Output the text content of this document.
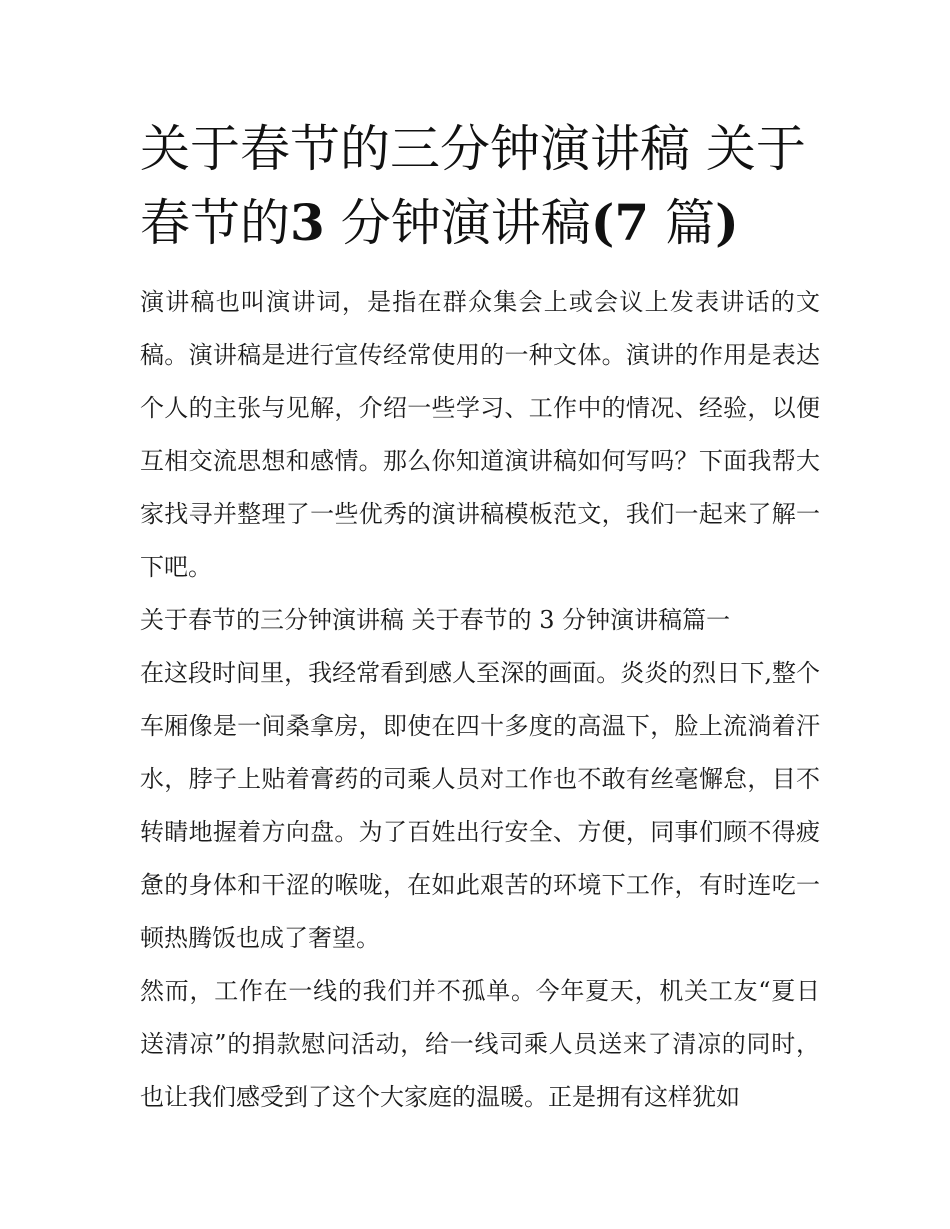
关于春节的三分钟演讲稿 关于春节的3 分钟演讲稿(7 篇)

演讲稿也叫演讲词，是指在群众集会上或会议上发表讲话的文稿。演讲稿是进行宣传经常使用的一种文体。演讲的作用是表达个人的主张与见解，介绍一些学习、工作中的情况、经验，以便互相交流思想和感情。那么你知道演讲稿如何写吗？下面我帮大家找寻并整理了一些优秀的演讲稿模板范文，我们一起来了解一下吧。

关于春节的三分钟演讲稿 关于春节的 3 分钟演讲稿篇一

在这段时间里，我经常看到感人至深的画面。炎炎的烈日下,整个车厢像是一间桑拿房，即使在四十多度的高温下，脸上流淌着汗水，脖子上贴着膏药的司乘人员对工作也不敢有丝毫懈怠，目不转睛地握着方向盘。为了百姓出行安全、方便，同事们顾不得疲惫的身体和干涩的喉咙，在如此艰苦的环境下工作，有时连吃一顿热腾饭也成了奢望。

然而，工作在一线的我们并不孤单。今年夏天，机关工友“夏日送清凉”的捐款慰问活动，给一线司乘人员送来了清凉的同时，也让我们感受到了这个大家庭的温暖。正是拥有这样犹如
